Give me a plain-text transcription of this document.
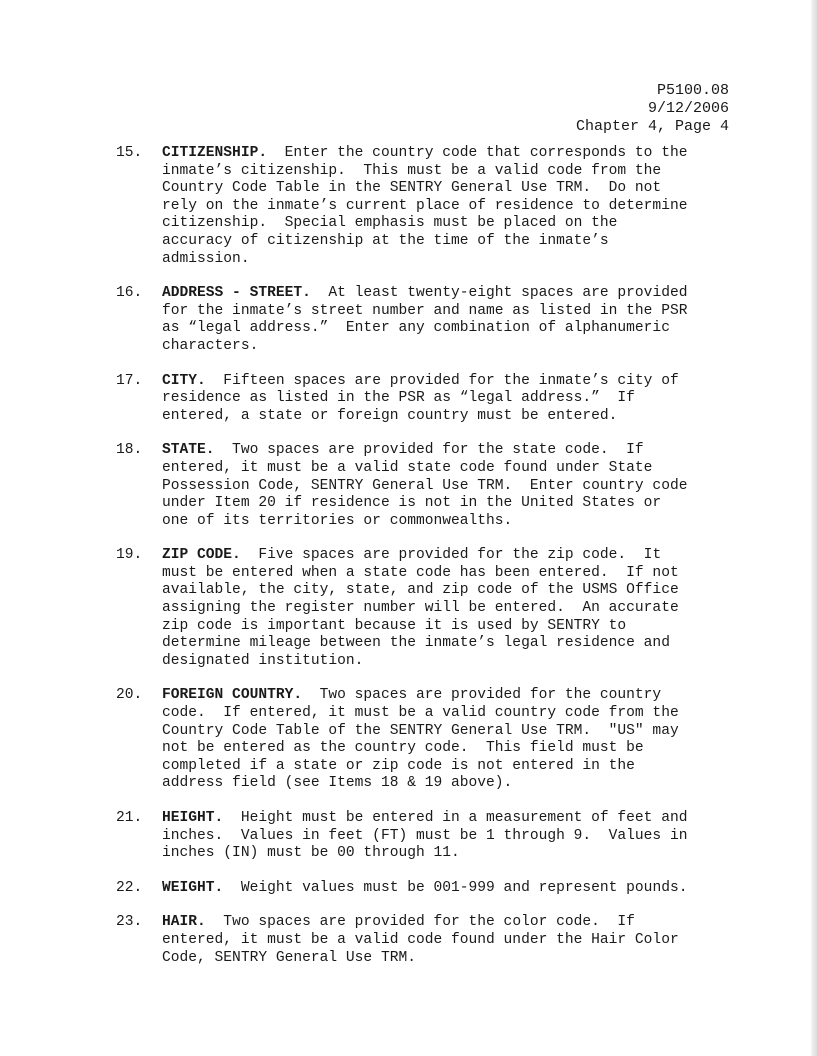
P5100.08
9/12/2006
Chapter 4, Page 4
15. CITIZENSHIP.  Enter the country code that corresponds to the
inmate’s citizenship.  This must be a valid code from the
Country Code Table in the SENTRY General Use TRM.  Do not
rely on the inmate’s current place of residence to determine
citizenship.  Special emphasis must be placed on the
accuracy of citizenship at the time of the inmate’s
admission.
16. ADDRESS - STREET.  At least twenty-eight spaces are provided
for the inmate’s street number and name as listed in the PSR
as “legal address.”  Enter any combination of alphanumeric
characters.
17. CITY.  Fifteen spaces are provided for the inmate’s city of
residence as listed in the PSR as “legal address.”  If
entered, a state or foreign country must be entered.
18. STATE.  Two spaces are provided for the state code.  If
entered, it must be a valid state code found under State
Possession Code, SENTRY General Use TRM.  Enter country code
under Item 20 if residence is not in the United States or
one of its territories or commonwealths.
19. ZIP CODE.  Five spaces are provided for the zip code.  It
must be entered when a state code has been entered.  If not
available, the city, state, and zip code of the USMS Office
assigning the register number will be entered.  An accurate
zip code is important because it is used by SENTRY to
determine mileage between the inmate’s legal residence and
designated institution.
20. FOREIGN COUNTRY.  Two spaces are provided for the country
code.  If entered, it must be a valid country code from the
Country Code Table of the SENTRY General Use TRM.  "US" may
not be entered as the country code.  This field must be
completed if a state or zip code is not entered in the
address field (see Items 18 & 19 above).
21. HEIGHT.  Height must be entered in a measurement of feet and
inches.  Values in feet (FT) must be 1 through 9.  Values in
inches (IN) must be 00 through 11.
22. WEIGHT.  Weight values must be 001-999 and represent pounds.
23. HAIR.  Two spaces are provided for the color code.  If
entered, it must be a valid code found under the Hair Color
Code, SENTRY General Use TRM.
